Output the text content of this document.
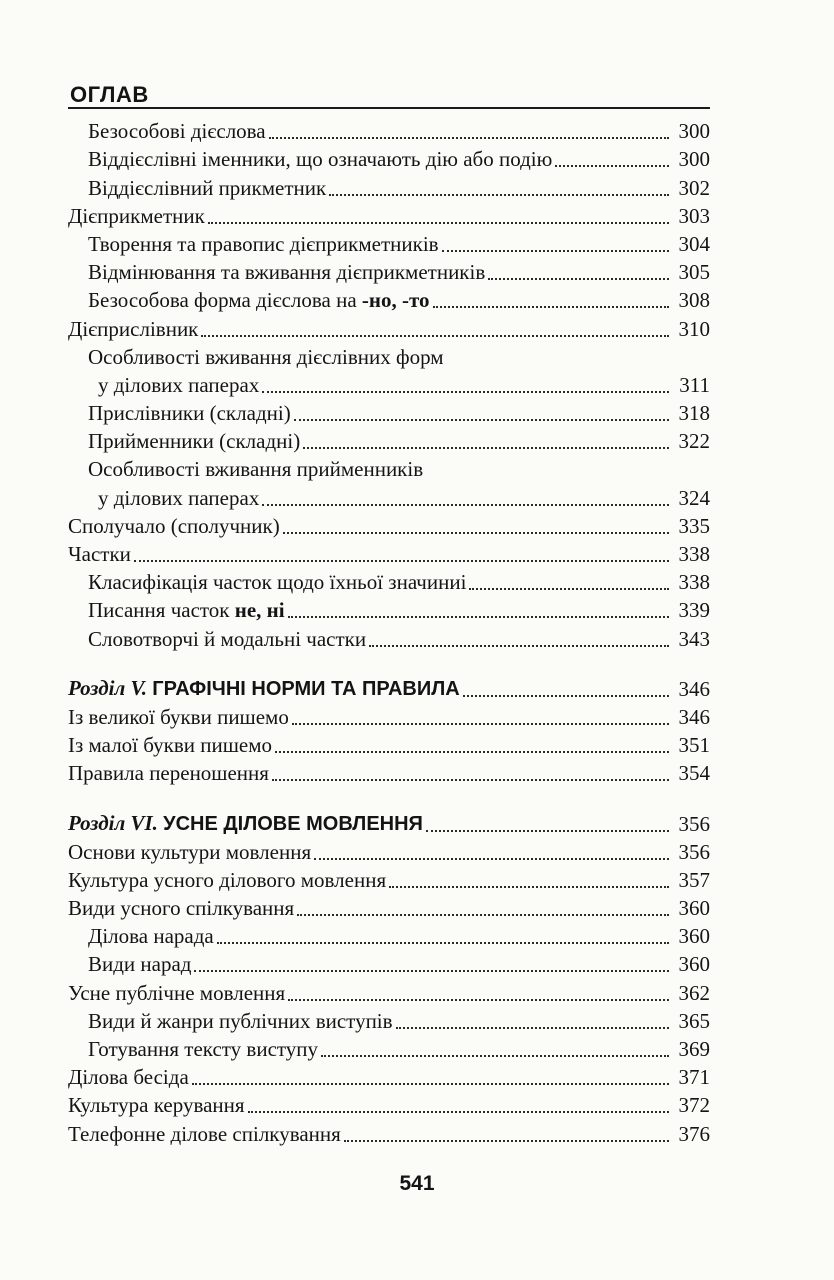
ОГЛАВ
Безособові дієслова	300
Віддієслівні іменники, що означають дію або подію	300
Віддієслівний прикметник	302
Дієприкметник	303
Творення та правопис дієприкметників	304
Відмінювання та вживання дієприкметників	305
Безособова форма дієслова на -но, -то	308
Дієприслівник	310
Особливості вживання дієслівних форм
у ділових паперах	311
Прислівники (складні)	318
Прийменники (складні)	322
Особливості вживання прийменників
у ділових паперах	324
Сполучало (сполучник)	335
Частки	338
Класифікація часток щодо їхньої значиниі	338
Писання часток не, ні	339
Словотворчі й модальні частки	343
Розділ V. ГРАФІЧНІ НОРМИ ТА ПРАВИЛА	346
Із великої букви пишемо	346
Із малої букви пишемо	351
Правила переношення	354
Розділ VI. УСНЕ ДІЛОВЕ МОВЛЕННЯ	356
Основи культури мовлення	356
Культура усного ділового мовлення	357
Види усного спілкування	360
Ділова нарада	360
Види нарад	360
Усне публічне мовлення	362
Види й жанри публічних виступів	365
Готування тексту виступу	369
Ділова бесіда	371
Культура керування	372
Телефонне ділове спілкування	376
541
